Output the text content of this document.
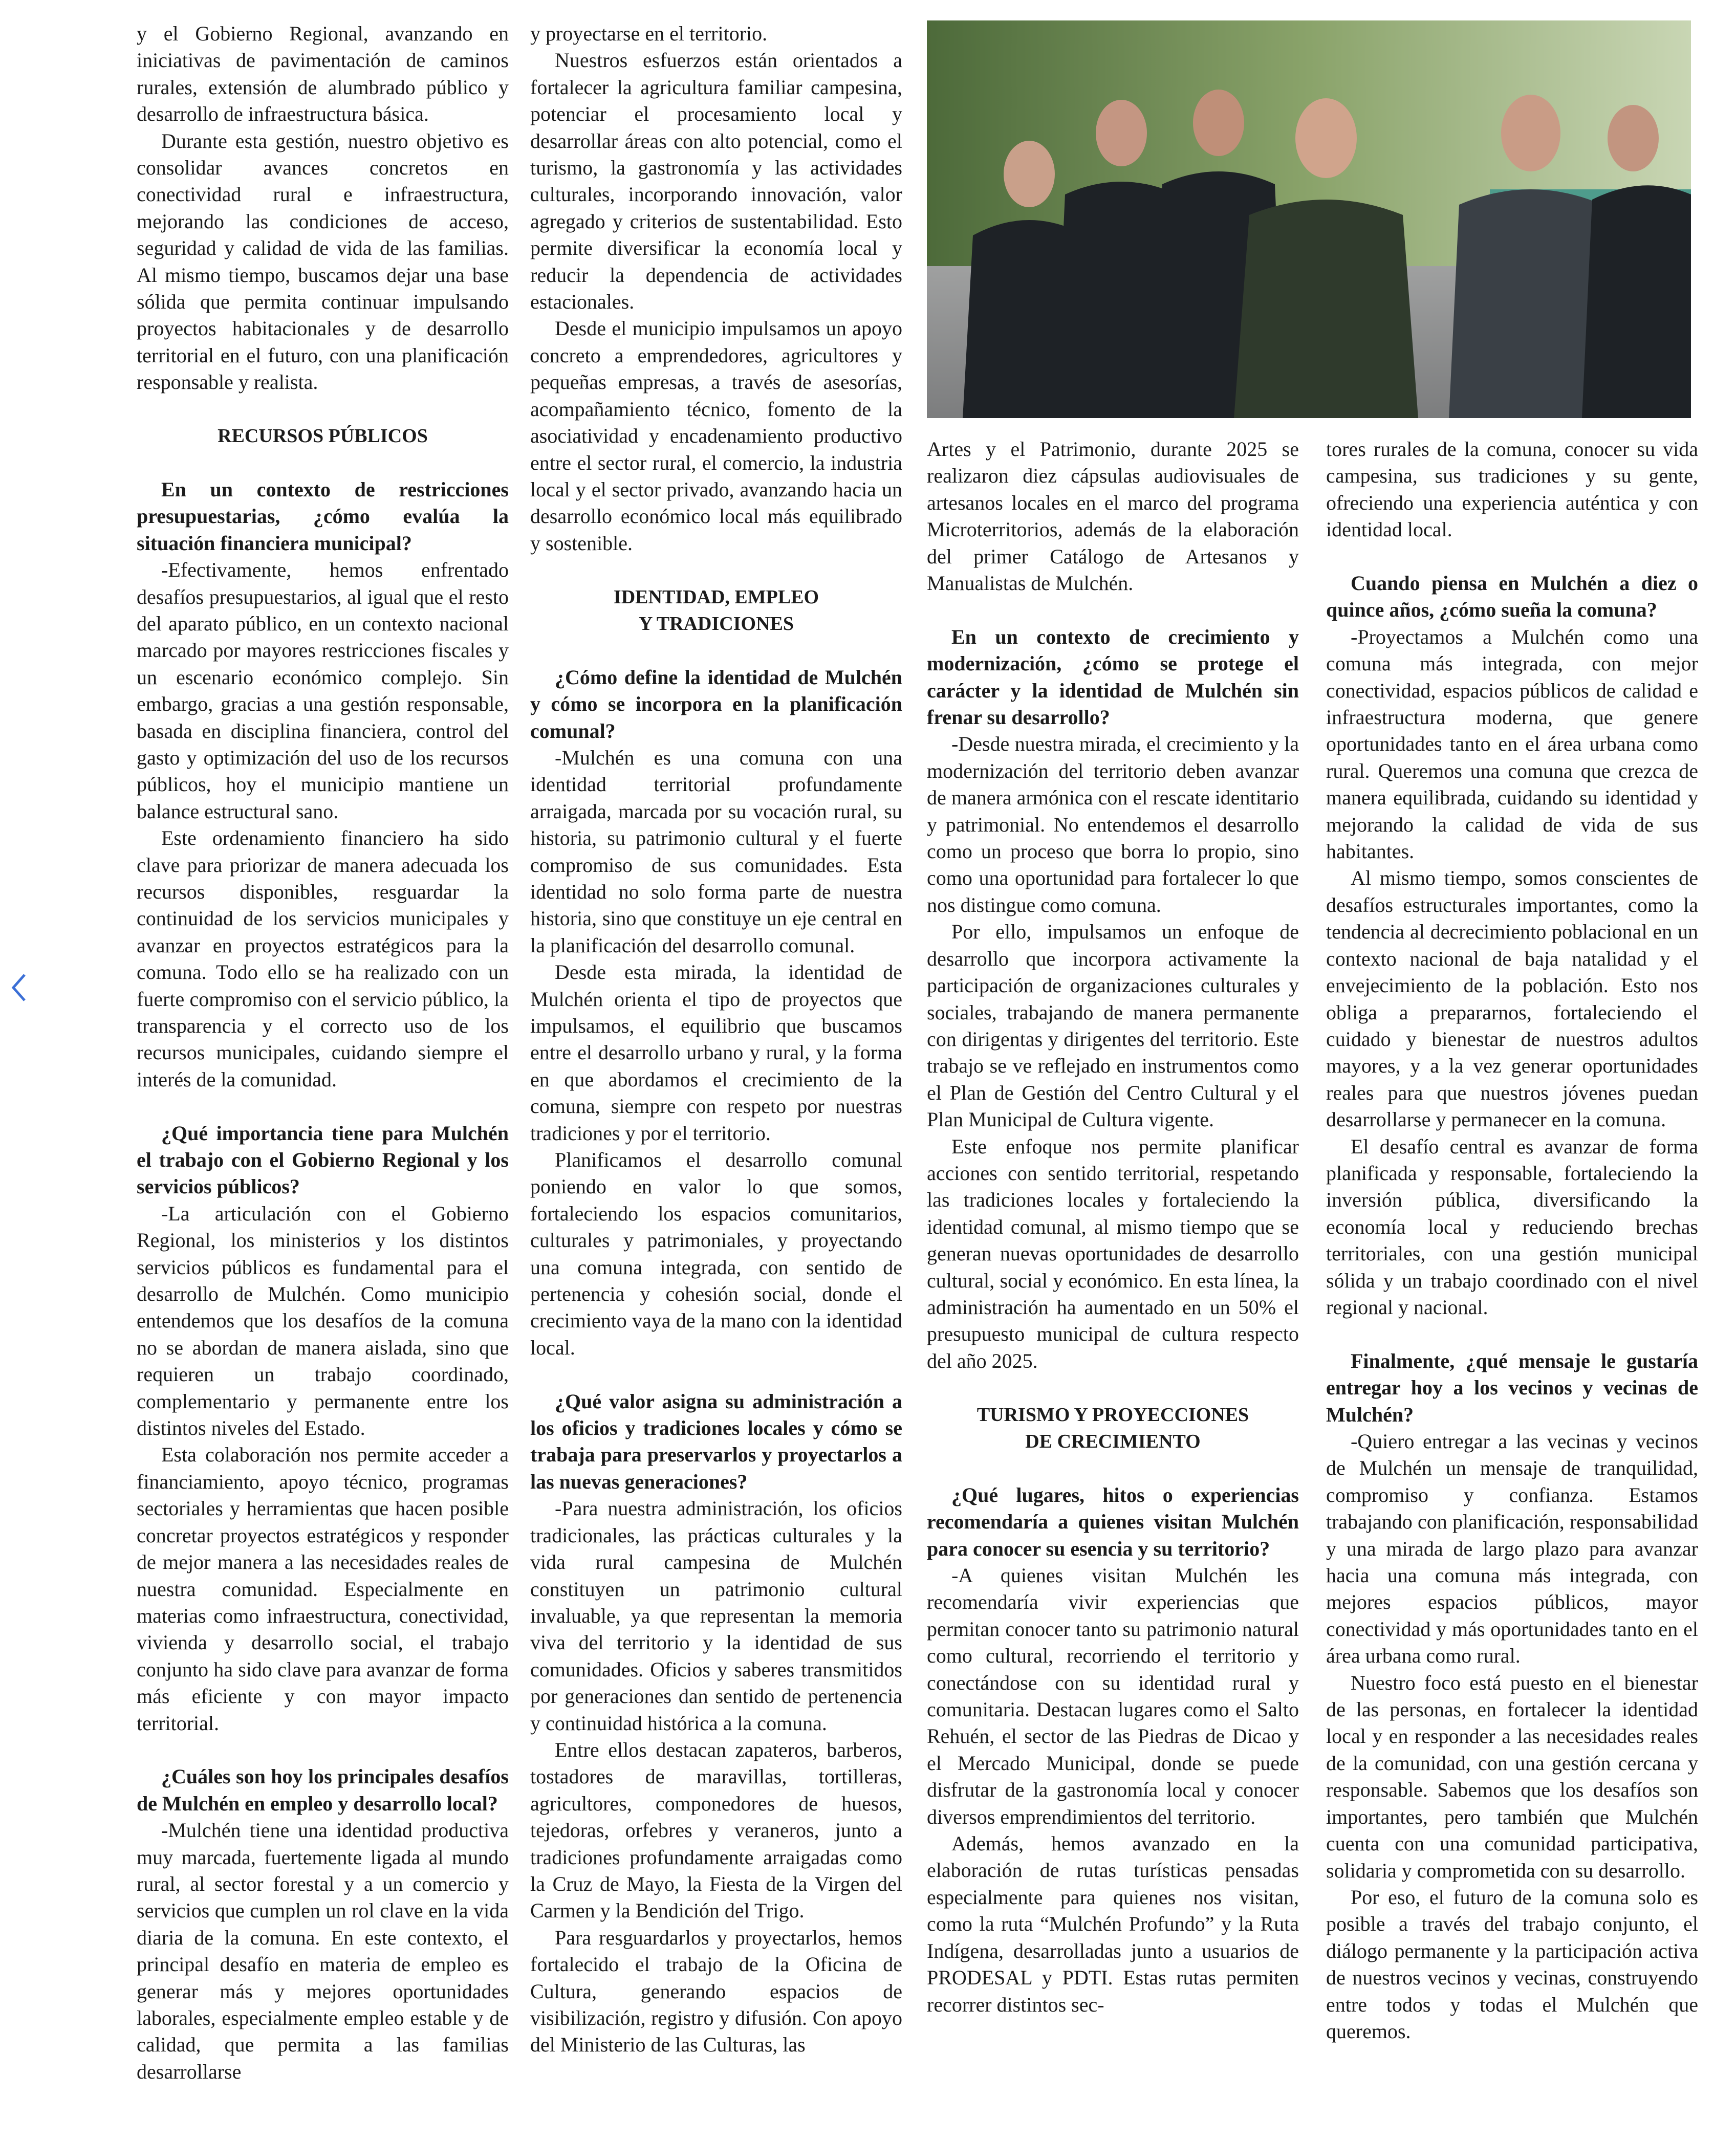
y el Gobierno Regional, avanzando en iniciativas de pavimentación de caminos rurales, extensión de alumbrado público y desarrollo de infraestructura básica.

Durante esta gestión, nuestro objetivo es consolidar avances concretos en conectividad rural e infraestructura, mejorando las condiciones de acceso, seguridad y calidad de vida de las familias. Al mismo tiempo, buscamos dejar una base sólida que permita continuar impulsando proyectos habitacionales y de desarrollo territorial en el futuro, con una planificación responsable y realista.

RECURSOS PÚBLICOS

En un contexto de restricciones presupuestarias, ¿cómo evalúa la situación financiera municipal?

-Efectivamente, hemos enfrentado desafíos presupuestarios, al igual que el resto del aparato público, en un contexto nacional marcado por mayores restricciones fiscales y un escenario económico complejo. Sin embargo, gracias a una gestión responsable, basada en disciplina financiera, control del gasto y optimización del uso de los recursos públicos, hoy el municipio mantiene un balance estructural sano.

Este ordenamiento financiero ha sido clave para priorizar de manera adecuada los recursos disponibles, resguardar la continuidad de los servicios municipales y avanzar en proyectos estratégicos para la comuna. Todo ello se ha realizado con un fuerte compromiso con el servicio público, la transparencia y el correcto uso de los recursos municipales, cuidando siempre el interés de la comunidad.

¿Qué importancia tiene para Mulchén el trabajo con el Gobierno Regional y los servicios públicos?

-La articulación con el Gobierno Regional, los ministerios y los distintos servicios públicos es fundamental para el desarrollo de Mulchén. Como municipio entendemos que los desafíos de la comuna no se abordan de manera aislada, sino que requieren un trabajo coordinado, complementario y permanente entre los distintos niveles del Estado.

Esta colaboración nos permite acceder a financiamiento, apoyo técnico, programas sectoriales y herramientas que hacen posible concretar proyectos estratégicos y responder de mejor manera a las necesidades reales de nuestra comunidad. Especialmente en materias como infraestructura, conectividad, vivienda y desarrollo social, el trabajo conjunto ha sido clave para avanzar de forma más eficiente y con mayor impacto territorial.

¿Cuáles son hoy los principales desafíos de Mulchén en empleo y desarrollo local?

-Mulchén tiene una identidad productiva muy marcada, fuertemente ligada al mundo rural, al sector forestal y a un comercio y servicios que cumplen un rol clave en la vida diaria de la comuna. En este contexto, el principal desafío en materia de empleo es generar más y mejores oportunidades laborales, especialmente empleo estable y de calidad, que permita a las familias desarrollarse

y proyectarse en el territorio.

Nuestros esfuerzos están orientados a fortalecer la agricultura familiar campesina, potenciar el procesamiento local y desarrollar áreas con alto potencial, como el turismo, la gastronomía y las actividades culturales, incorporando innovación, valor agregado y criterios de sustentabilidad. Esto permite diversificar la economía local y reducir la dependencia de actividades estacionales.

Desde el municipio impulsamos un apoyo concreto a emprendedores, agricultores y pequeñas empresas, a través de asesorías, acompañamiento técnico, fomento de la asociatividad y encadenamiento productivo entre el sector rural, el comercio, la industria local y el sector privado, avanzando hacia un desarrollo económico local más equilibrado y sostenible.

IDENTIDAD, EMPLEO
Y TRADICIONES

¿Cómo define la identidad de Mulchén y cómo se incorpora en la planificación comunal?

-Mulchén es una comuna con una identidad territorial profundamente arraigada, marcada por su vocación rural, su historia, su patrimonio cultural y el fuerte compromiso de sus comunidades. Esta identidad no solo forma parte de nuestra historia, sino que constituye un eje central en la planificación del desarrollo comunal.

Desde esta mirada, la identidad de Mulchén orienta el tipo de proyectos que impulsamos, el equilibrio que buscamos entre el desarrollo urbano y rural, y la forma en que abordamos el crecimiento de la comuna, siempre con respeto por nuestras tradiciones y por el territorio.

Planificamos el desarrollo comunal poniendo en valor lo que somos, fortaleciendo los espacios comunitarios, culturales y patrimoniales, y proyectando una comuna integrada, con sentido de pertenencia y cohesión social, donde el crecimiento vaya de la mano con la identidad local.

¿Qué valor asigna su administración a los oficios y tradiciones locales y cómo se trabaja para preservarlos y proyectarlos a las nuevas generaciones?

-Para nuestra administración, los oficios tradicionales, las prácticas culturales y la vida rural campesina de Mulchén constituyen un patrimonio cultural invaluable, ya que representan la memoria viva del territorio y la identidad de sus comunidades. Oficios y saberes transmitidos por generaciones dan sentido de pertenencia y continuidad histórica a la comuna.

Entre ellos destacan zapateros, barberos, tostadores de maravillas, tortilleras, agricultores, componedores de huesos, tejedoras, orfebres y veraneros, junto a tradiciones profundamente arraigadas como la Cruz de Mayo, la Fiesta de la Virgen del Carmen y la Bendición del Trigo.

Para resguardarlos y proyectarlos, hemos fortalecido el trabajo de la Oficina de Cultura, generando espacios de visibilización, registro y difusión. Con apoyo del Ministerio de las Culturas, las

Artes y el Patrimonio, durante 2025 se realizaron diez cápsulas audiovisuales de artesanos locales en el marco del programa Microterritorios, además de la elaboración del primer Catálogo de Artesanos y Manualistas de Mulchén.

En un contexto de crecimiento y modernización, ¿cómo se protege el carácter y la identidad de Mulchén sin frenar su desarrollo?

-Desde nuestra mirada, el crecimiento y la modernización del territorio deben avanzar de manera armónica con el rescate identitario y patrimonial. No entendemos el desarrollo como un proceso que borra lo propio, sino como una oportunidad para fortalecer lo que nos distingue como comuna.

Por ello, impulsamos un enfoque de desarrollo que incorpora activamente la participación de organizaciones culturales y sociales, trabajando de manera permanente con dirigentas y dirigentes del territorio. Este trabajo se ve reflejado en instrumentos como el Plan de Gestión del Centro Cultural y el Plan Municipal de Cultura vigente.

Este enfoque nos permite planificar acciones con sentido territorial, respetando las tradiciones locales y fortaleciendo la identidad comunal, al mismo tiempo que se generan nuevas oportunidades de desarrollo cultural, social y económico. En esta línea, la administración ha aumentado en un 50% el presupuesto municipal de cultura respecto del año 2025.

TURISMO Y PROYECCIONES
DE CRECIMIENTO

¿Qué lugares, hitos o experiencias recomendaría a quienes visitan Mulchén para conocer su esencia y su territorio?

-A quienes visitan Mulchén les recomendaría vivir experiencias que permitan conocer tanto su patrimonio natural como cultural, recorriendo el territorio y conectándose con su identidad rural y comunitaria. Destacan lugares como el Salto Rehuén, el sector de las Piedras de Dicao y el Mercado Municipal, donde se puede disfrutar de la gastronomía local y conocer diversos emprendimientos del territorio.

Además, hemos avanzado en la elaboración de rutas turísticas pensadas especialmente para quienes nos visitan, como la ruta “Mulchén Profundo” y la Ruta Indígena, desarrolladas junto a usuarios de PRODESAL y PDTI. Estas rutas permiten recorrer distintos sec-

tores rurales de la comuna, conocer su vida campesina, sus tradiciones y su gente, ofreciendo una experiencia auténtica y con identidad local.

Cuando piensa en Mulchén a diez o quince años, ¿cómo sueña la comuna?

-Proyectamos a Mulchén como una comuna más integrada, con mejor conectividad, espacios públicos de calidad e infraestructura moderna, que genere oportunidades tanto en el área urbana como rural. Queremos una comuna que crezca de manera equilibrada, cuidando su identidad y mejorando la calidad de vida de sus habitantes.

Al mismo tiempo, somos conscientes de desafíos estructurales importantes, como la tendencia al decrecimiento poblacional en un contexto nacional de baja natalidad y el envejecimiento de la población. Esto nos obliga a prepararnos, fortaleciendo el cuidado y bienestar de nuestros adultos mayores, y a la vez generar oportunidades reales para que nuestros jóvenes puedan desarrollarse y permanecer en la comuna.

El desafío central es avanzar de forma planificada y responsable, fortaleciendo la inversión pública, diversificando la economía local y reduciendo brechas territoriales, con una gestión municipal sólida y un trabajo coordinado con el nivel regional y nacional.

Finalmente, ¿qué mensaje le gustaría entregar hoy a los vecinos y vecinas de Mulchén?

-Quiero entregar a las vecinas y vecinos de Mulchén un mensaje de tranquilidad, compromiso y confianza. Estamos trabajando con planificación, responsabilidad y una mirada de largo plazo para avanzar hacia una comuna más integrada, con mejores espacios públicos, mayor conectividad y más oportunidades tanto en el área urbana como rural.

Nuestro foco está puesto en el bienestar de las personas, en fortalecer la identidad local y en responder a las necesidades reales de la comunidad, con una gestión cercana y responsable. Sabemos que los desafíos son importantes, pero también que Mulchén cuenta con una comunidad participativa, solidaria y comprometida con su desarrollo.

Por eso, el futuro de la comuna solo es posible a través del trabajo conjunto, el diálogo permanente y la participación activa de nuestros vecinos y vecinas, construyendo entre todos y todas el Mulchén que queremos.
